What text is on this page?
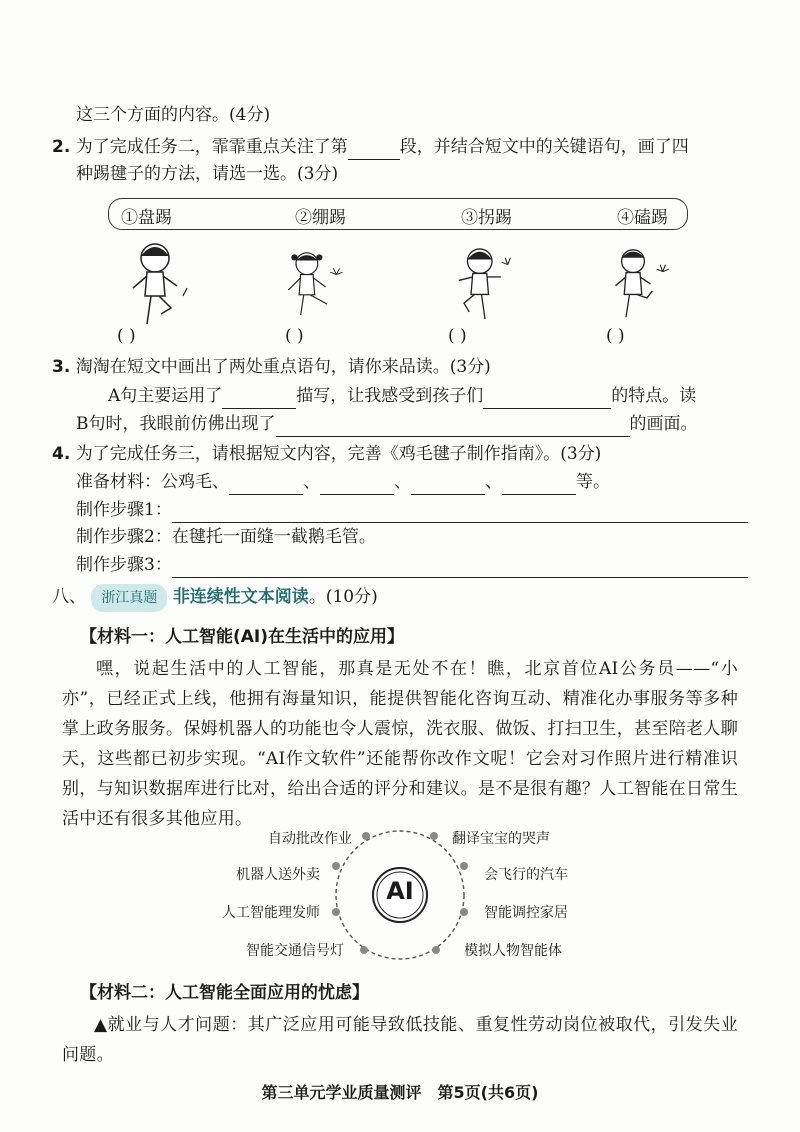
这三个方面的内容。(4分)
2. 为了完成任务二，霏霏重点关注了第	段，并结合短文中的关键语句，画了四
种踢毽子的方法，请选一选。(3分)
①盘踢	②绷踢	③拐踢	④磕踢
( )	( )	( )	( )
3. 淘淘在短文中画出了两处重点语句，请你来品读。(3分)
A句主要运用了	描写，让我感受到孩子们	的特点。读
B句时，我眼前仿佛出现了	的画面。
4. 为了完成任务三，请根据短文内容，完善《鸡毛毽子制作指南》。(3分)
准备材料：公鸡毛、	、	、	、	等。
制作步骤1：
制作步骤2：在毽托一面缝一截鹅毛管。
制作步骤3：
八、 浙江真题 非连续性文本阅读。(10分)
【材料一：人工智能(AI)在生活中的应用】
嘿，说起生活中的人工智能，那真是无处不在！瞧，北京首位AI公务员——“小亦”，已经正式上线，他拥有海量知识，能提供智能化咨询互动、精准化办事服务等多种掌上政务服务。保姆机器人的功能也令人震惊，洗衣服、做饭、打扫卫生，甚至陪老人聊天，这些都已初步实现。“AI作文软件”还能帮你改作文呢！它会对习作照片进行精准识别，与知识数据库进行比对，给出合适的评分和建议。是不是很有趣？人工智能在日常生活中还有很多其他应用。
AI
自动批改作业
机器人送外卖
人工智能理发师
智能交通信号灯
翻译宝宝的哭声
会飞行的汽车
智能调控家居
模拟人物智能体
【材料二：人工智能全面应用的忧虑】
▲就业与人才问题：其广泛应用可能导致低技能、重复性劳动岗位被取代，引发失业问题。
第三单元学业质量测评　第5页(共6页)
